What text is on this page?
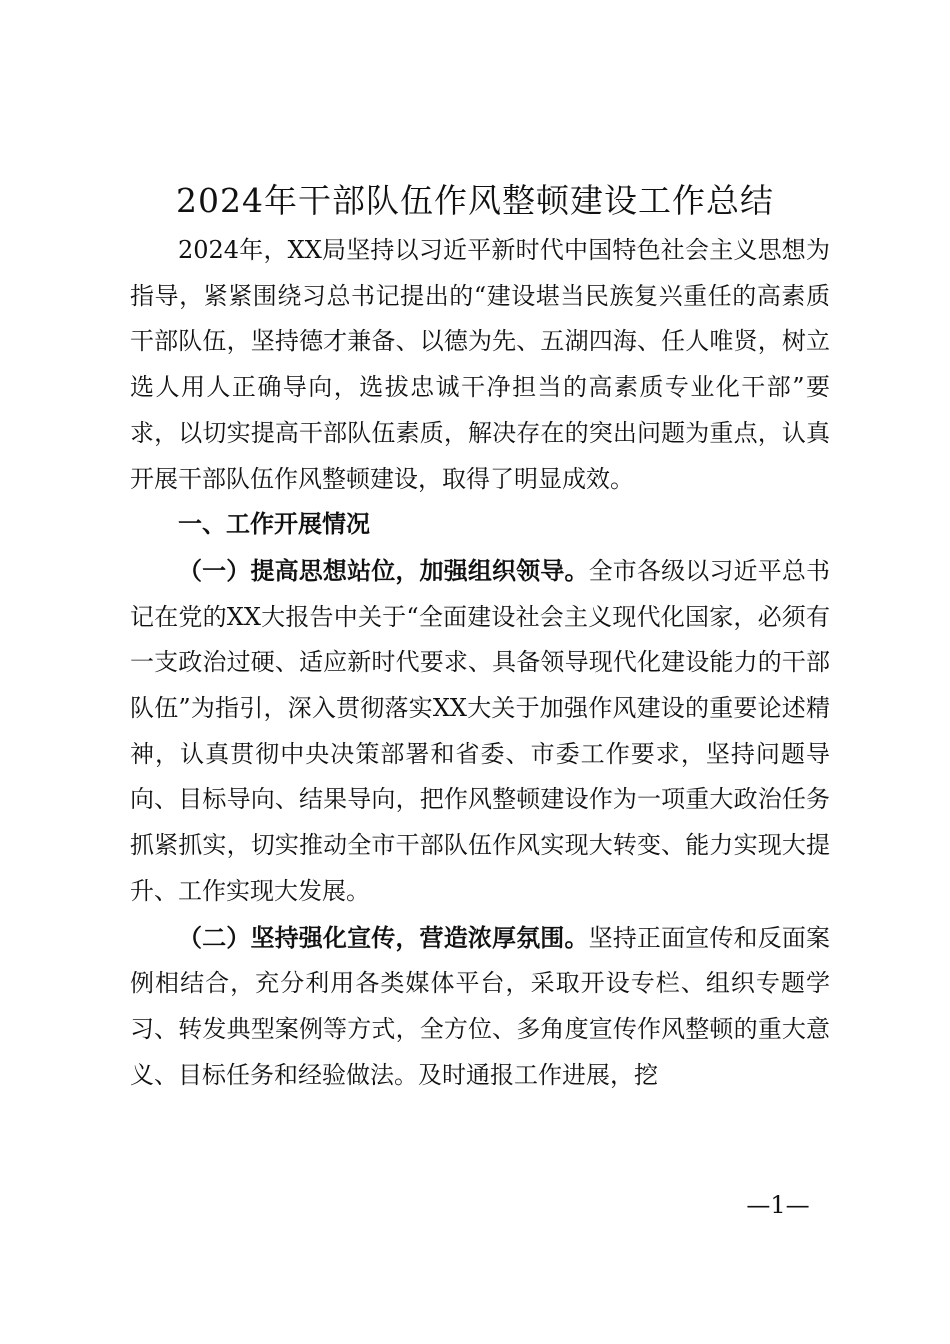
2024年干部队伍作风整顿建设工作总结

2024年，XX局坚持以习近平新时代中国特色社会主义思想为指导，紧紧围绕习总书记提出的“建设堪当民族复兴重任的高素质干部队伍，坚持德才兼备、以德为先、五湖四海、任人唯贤，树立选人用人正确导向，选拔忠诚干净担当的高素质专业化干部”要求，以切实提高干部队伍素质，解决存在的突出问题为重点，认真开展干部队伍作风整顿建设，取得了明显成效。

一、工作开展情况

（一）提高思想站位，加强组织领导。全市各级以习近平总书记在党的XX大报告中关于“全面建设社会主义现代化国家，必须有一支政治过硬、适应新时代要求、具备领导现代化建设能力的干部队伍”为指引，深入贯彻落实XX大关于加强作风建设的重要论述精神，认真贯彻中央决策部署和省委、市委工作要求，坚持问题导向、目标导向、结果导向，把作风整顿建设作为一项重大政治任务抓紧抓实，切实推动全市干部队伍作风实现大转变、能力实现大提升、工作实现大发展。

（二）坚持强化宣传，营造浓厚氛围。坚持正面宣传和反面案例相结合，充分利用各类媒体平台，采取开设专栏、组织专题学习、转发典型案例等方式，全方位、多角度宣传作风整顿的重大意义、目标任务和经验做法。及时通报工作进展，挖

—1—
